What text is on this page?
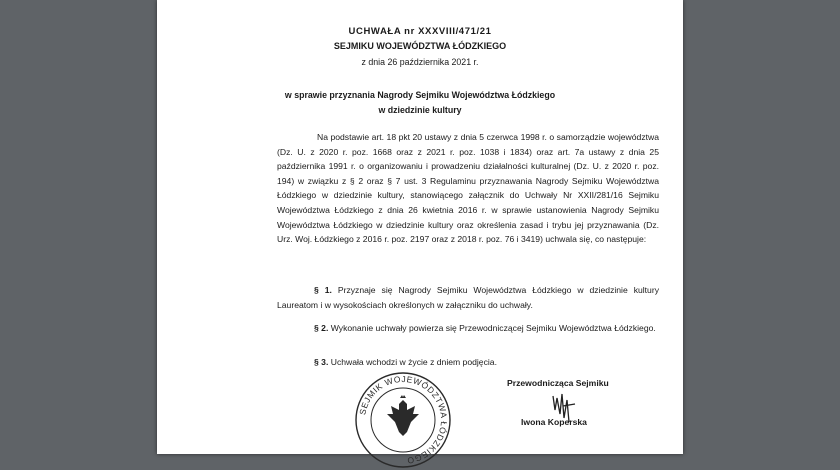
UCHWAŁA nr XXXVIII/471/21
SEJMIKU WOJEWÓDZTWA ŁÓDZKIEGO
z dnia 26 października 2021 r.
w sprawie przyznania Nagrody Sejmiku Województwa Łódzkiego
w dziedzinie kultury

Na podstawie art. 18 pkt 20 ustawy z dnia 5 czerwca 1998 r. o samorządzie województwa (Dz. U. z 2020 r. poz. 1668 oraz z 2021 r. poz. 1038 i 1834) oraz art. 7a ustawy z dnia 25 października 1991 r. o organizowaniu i prowadzeniu działalności kulturalnej (Dz. U. z 2020 r. poz. 194) w związku z § 2 oraz § 7 ust. 3 Regulaminu przyznawania Nagrody Sejmiku Województwa Łódzkiego w dziedzinie kultury, stanowiącego załącznik do Uchwały Nr XXII/281/16 Sejmiku Województwa Łódzkiego z dnia 26 kwietnia 2016 r. w sprawie ustanowienia Nagrody Sejmiku Województwa Łódzkiego w dziedzinie kultury oraz określenia zasad i trybu jej przyznawania (Dz. Urz. Woj. Łódzkiego z 2016 r. poz. 2197 oraz z 2018 r. poz. 76 i 3419) uchwala się, co następuje:

§ 1. Przyznaje się Nagrody Sejmiku Województwa Łódzkiego w dziedzinie kultury Laureatom i w wysokościach określonych w załączniku do uchwały.

§ 2. Wykonanie uchwały powierza się Przewodniczącej Sejmiku Województwa Łódzkiego.

§ 3. Uchwała wchodzi w życie z dniem podjęcia.

Przewodnicząca Sejmiku
Iwona Koperska
SEJMIK WOJEWÓDZTWA ŁÓDZKIEGO
